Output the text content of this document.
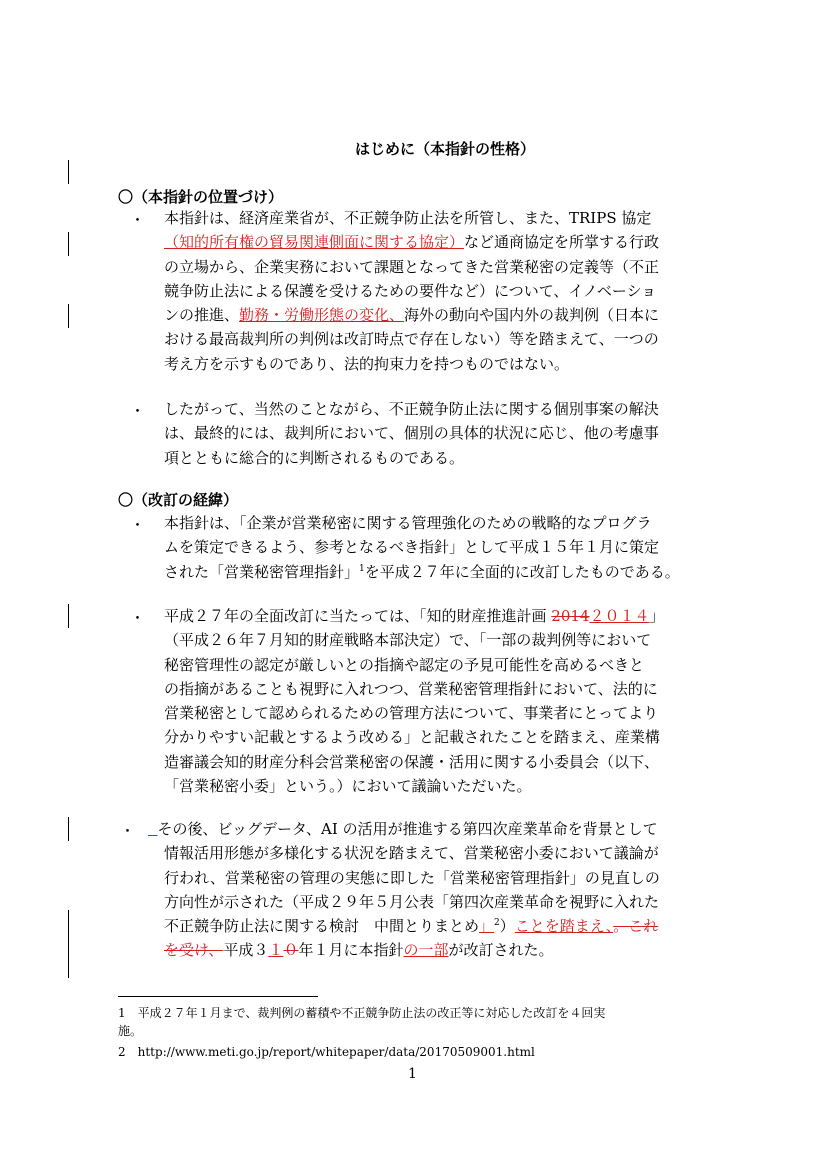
はじめに（本指針の性格）
〇（本指針の位置づけ）
・ 本指針は、経済産業省が、不正競争防止法を所管し、また、TRIPS 協定
（知的所有権の貿易関連側面に関する協定）など通商協定を所掌する行政
の立場から、企業実務において課題となってきた営業秘密の定義等（不正
競争防止法による保護を受けるための要件など）について、イノベーショ
ンの推進、勤務・労働形態の変化、海外の動向や国内外の裁判例（日本に
おける最高裁判所の判例は改訂時点で存在しない）等を踏まえて、一つの
考え方を示すものであり、法的拘束力を持つものではない。
・ したがって、当然のことながら、不正競争防止法に関する個別事案の解決
は、最終的には、裁判所において、個別の具体的状況に応じ、他の考慮事
項とともに総合的に判断されるものである。
〇（改訂の経緯）
・ 本指針は、「企業が営業秘密に関する管理強化のための戦略的なプログラ
ムを策定できるよう、参考となるべき指針」として平成１５年１月に策定
された「営業秘密管理指針」$^1$を平成２７年に全面的に改訂したものである。
・ 平成２７年の全面改訂に当たっては、「知的財産推進計画 2014２０１４」
（平成２６年７月知的財産戦略本部決定）で、「一部の裁判例等において
秘密管理性の認定が厳しいとの指摘や認定の予見可能性を高めるべきと
の指摘があることも視野に入れつつ、営業秘密管理指針において、法的に
営業秘密として認められるための管理方法について、事業者にとってより
分かりやすい記載とするよう改める」と記載されたことを踏まえ、産業構
造審議会知的財産分科会営業秘密の保護・活用に関する小委員会（以下、
「営業秘密小委」という。）において議論いただいた。
・ ​  その後、ビッグデータ、AI の活用が推進する第四次産業革命を背景として
情報活用形態が多様化する状況を踏まえて、営業秘密小委において議論が
行われ、営業秘密の管理の実態に即した「営業秘密管理指針」の見直しの
方向性が示された（平成２９年５月公表「第四次産業革命を視野に入れた
不正競争防止法に関する検討　中間とりまとめ」$^2$）ことを踏まえ、。これ
を受け、平成３１０年１月に本指針の一部が改訂された。
1　平成２７年１月まで、裁判例の蓄積や不正競争防止法の改正等に対応した改訂を４回実
施。
2　http://www.meti.go.jp/report/whitepaper/data/20170509001.html
1
